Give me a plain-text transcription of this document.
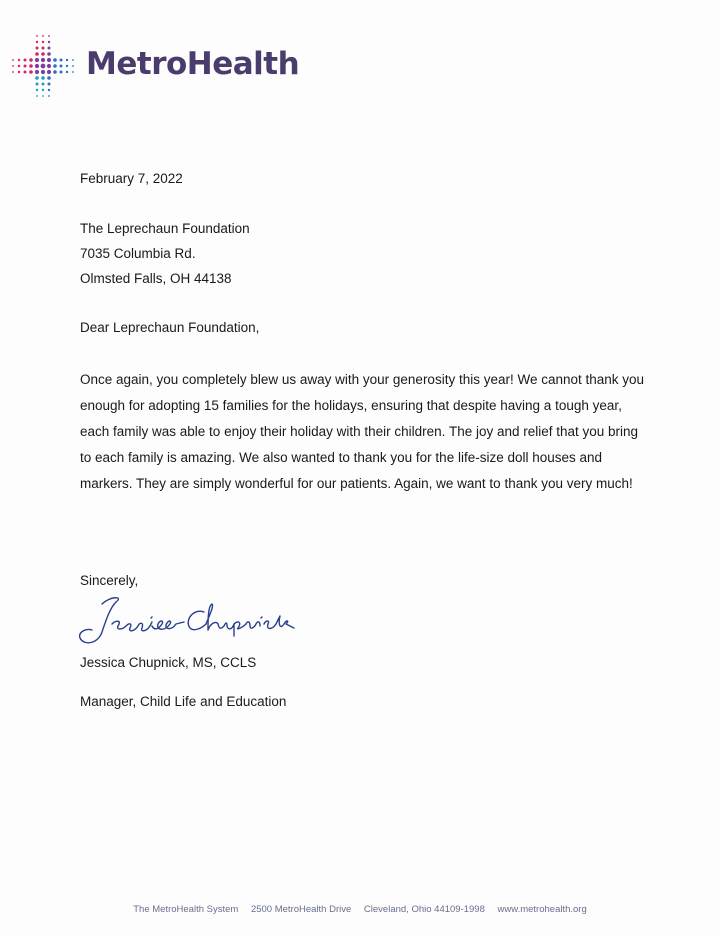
MetroHealth
February 7, 2022
The Leprechaun Foundation
7035 Columbia Rd.
Olmsted Falls, OH 44138
Dear Leprechaun Foundation,
Once again, you completely blew us away with your generosity this year! We cannot thank you
enough for adopting 15 families for the holidays, ensuring that despite having a tough year,
each family was able to enjoy their holiday with their children. The joy and relief that you bring
to each family is amazing. We also wanted to thank you for the life-size doll houses and
markers. They are simply wonderful for our patients. Again, we want to thank you very much!
Sincerely,
Jessica Chupnick, MS, CCLS
Manager, Child Life and Education
The MetroHealth System 2500 MetroHealth Drive Cleveland, Ohio 44109-1998 www.metrohealth.org
